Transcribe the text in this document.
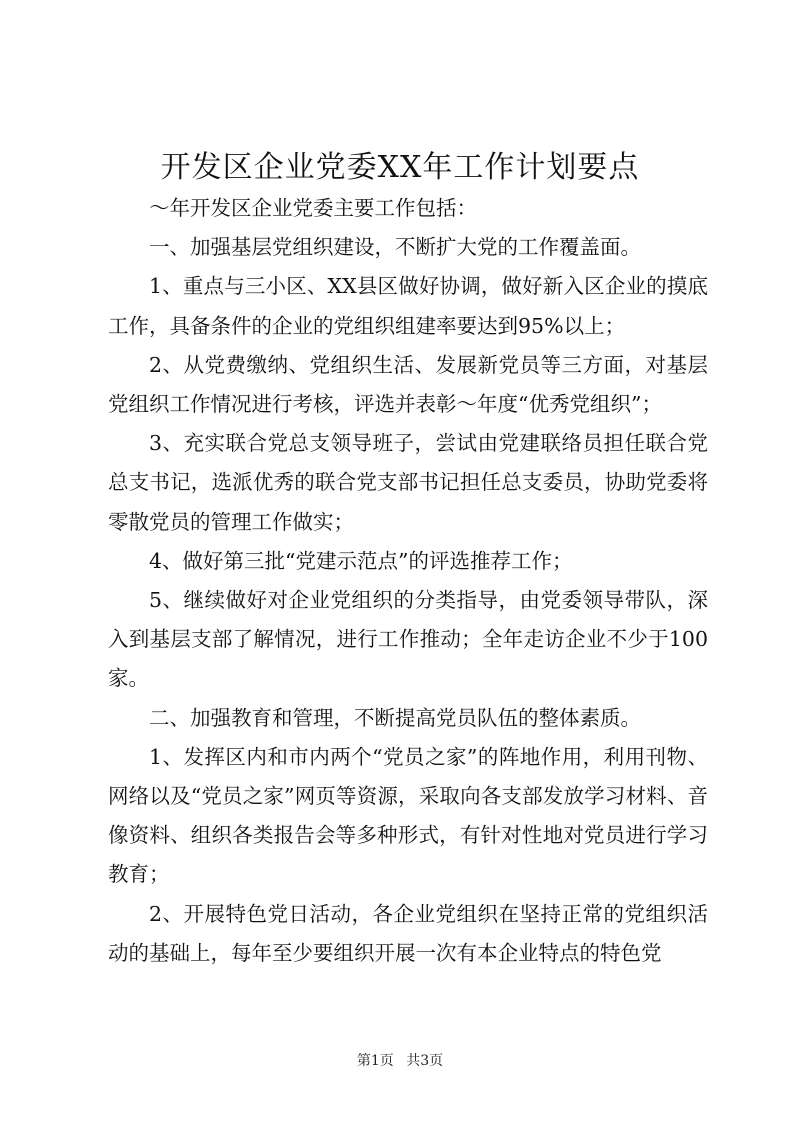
开发区企业党委XX年工作计划要点

～年开发区企业党委主要工作包括：

一、加强基层党组织建设，不断扩大党的工作覆盖面。

1、重点与三小区、XX县区做好协调，做好新入区企业的摸底工作，具备条件的企业的党组织组建率要达到95%以上；

2、从党费缴纳、党组织生活、发展新党员等三方面，对基层党组织工作情况进行考核，评选并表彰～年度“优秀党组织”；

3、充实联合党总支领导班子，尝试由党建联络员担任联合党总支书记，选派优秀的联合党支部书记担任总支委员，协助党委将零散党员的管理工作做实；

4、做好第三批“党建示范点”的评选推荐工作；

5、继续做好对企业党组织的分类指导，由党委领导带队，深入到基层支部了解情况，进行工作推动；全年走访企业不少于100家。

二、加强教育和管理，不断提高党员队伍的整体素质。

1、发挥区内和市内两个“党员之家”的阵地作用，利用刊物、网络以及“党员之家”网页等资源，采取向各支部发放学习材料、音像资料、组织各类报告会等多种形式，有针对性地对党员进行学习教育；

2、开展特色党日活动，各企业党组织在坚持正常的党组织活动的基础上，每年至少要组织开展一次有本企业特点的特色党

第1页 共3页
